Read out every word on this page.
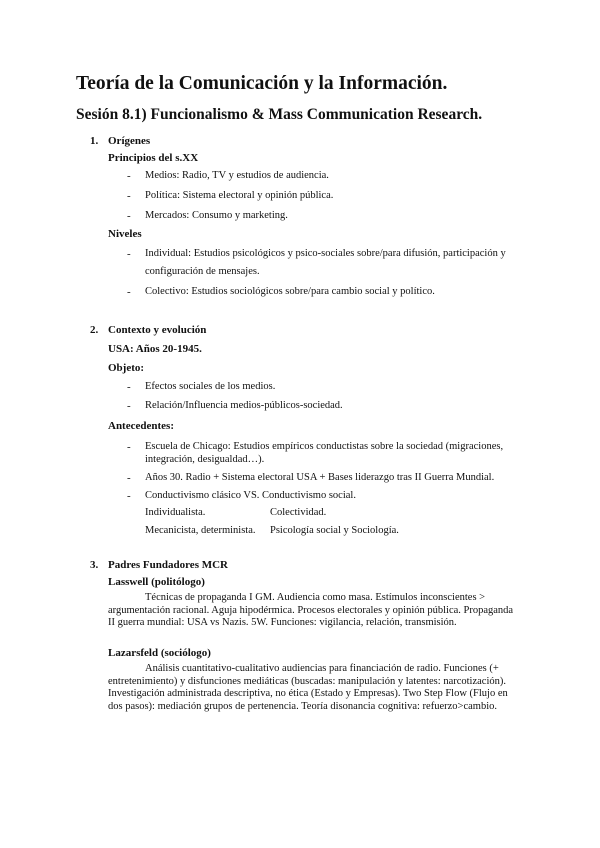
Teoría de la Comunicación y la Información.
Sesión 8.1) Funcionalismo & Mass Communication Research.
1. Orígenes
Principios del s.XX
- Medios: Radio, TV y estudios de audiencia.
- Política: Sistema electoral y opinión pública.
- Mercados: Consumo y marketing.
Niveles
- Individual: Estudios psicológicos y psico-sociales sobre/para difusión, participación y
configuración de mensajes.
- Colectivo: Estudios sociológicos sobre/para cambio social y político.
2. Contexto y evolución
USA: Años 20-1945.
Objeto:
- Efectos sociales de los medios.
- Relación/Influencia medios-públicos-sociedad.
Antecedentes:
- Escuela de Chicago: Estudios empíricos conductistas sobre la sociedad (migraciones,
integración, desigualdad…).
- Años 30. Radio + Sistema electoral USA + Bases liderazgo tras II Guerra Mundial.
- Conductivismo clásico VS. Conductivismo social.
Individualista.	Colectividad.
Mecanicista, determinista. Psicología social y Sociología.
3. Padres Fundadores MCR
Lasswell (politólogo)
Técnicas de propaganda I GM. Audiencia como masa. Estímulos inconscientes > argumentación racional. Aguja hipodérmica. Procesos electorales y opinión pública. Propaganda II guerra mundial: USA vs Nazis. 5W. Funciones: vigilancia, relación, transmisión.
Lazarsfeld (sociólogo)
Análisis cuantitativo-cualitativo audiencias para financiación de radio. Funciones (+ entretenimiento) y disfunciones mediáticas (buscadas: manipulación y latentes: narcotización). Investigación administrada descriptiva, no ética (Estado y Empresas). Two Step Flow (Flujo en dos pasos): mediación grupos de pertenencia. Teoría disonancia cognitiva: refuerzo>cambio.
